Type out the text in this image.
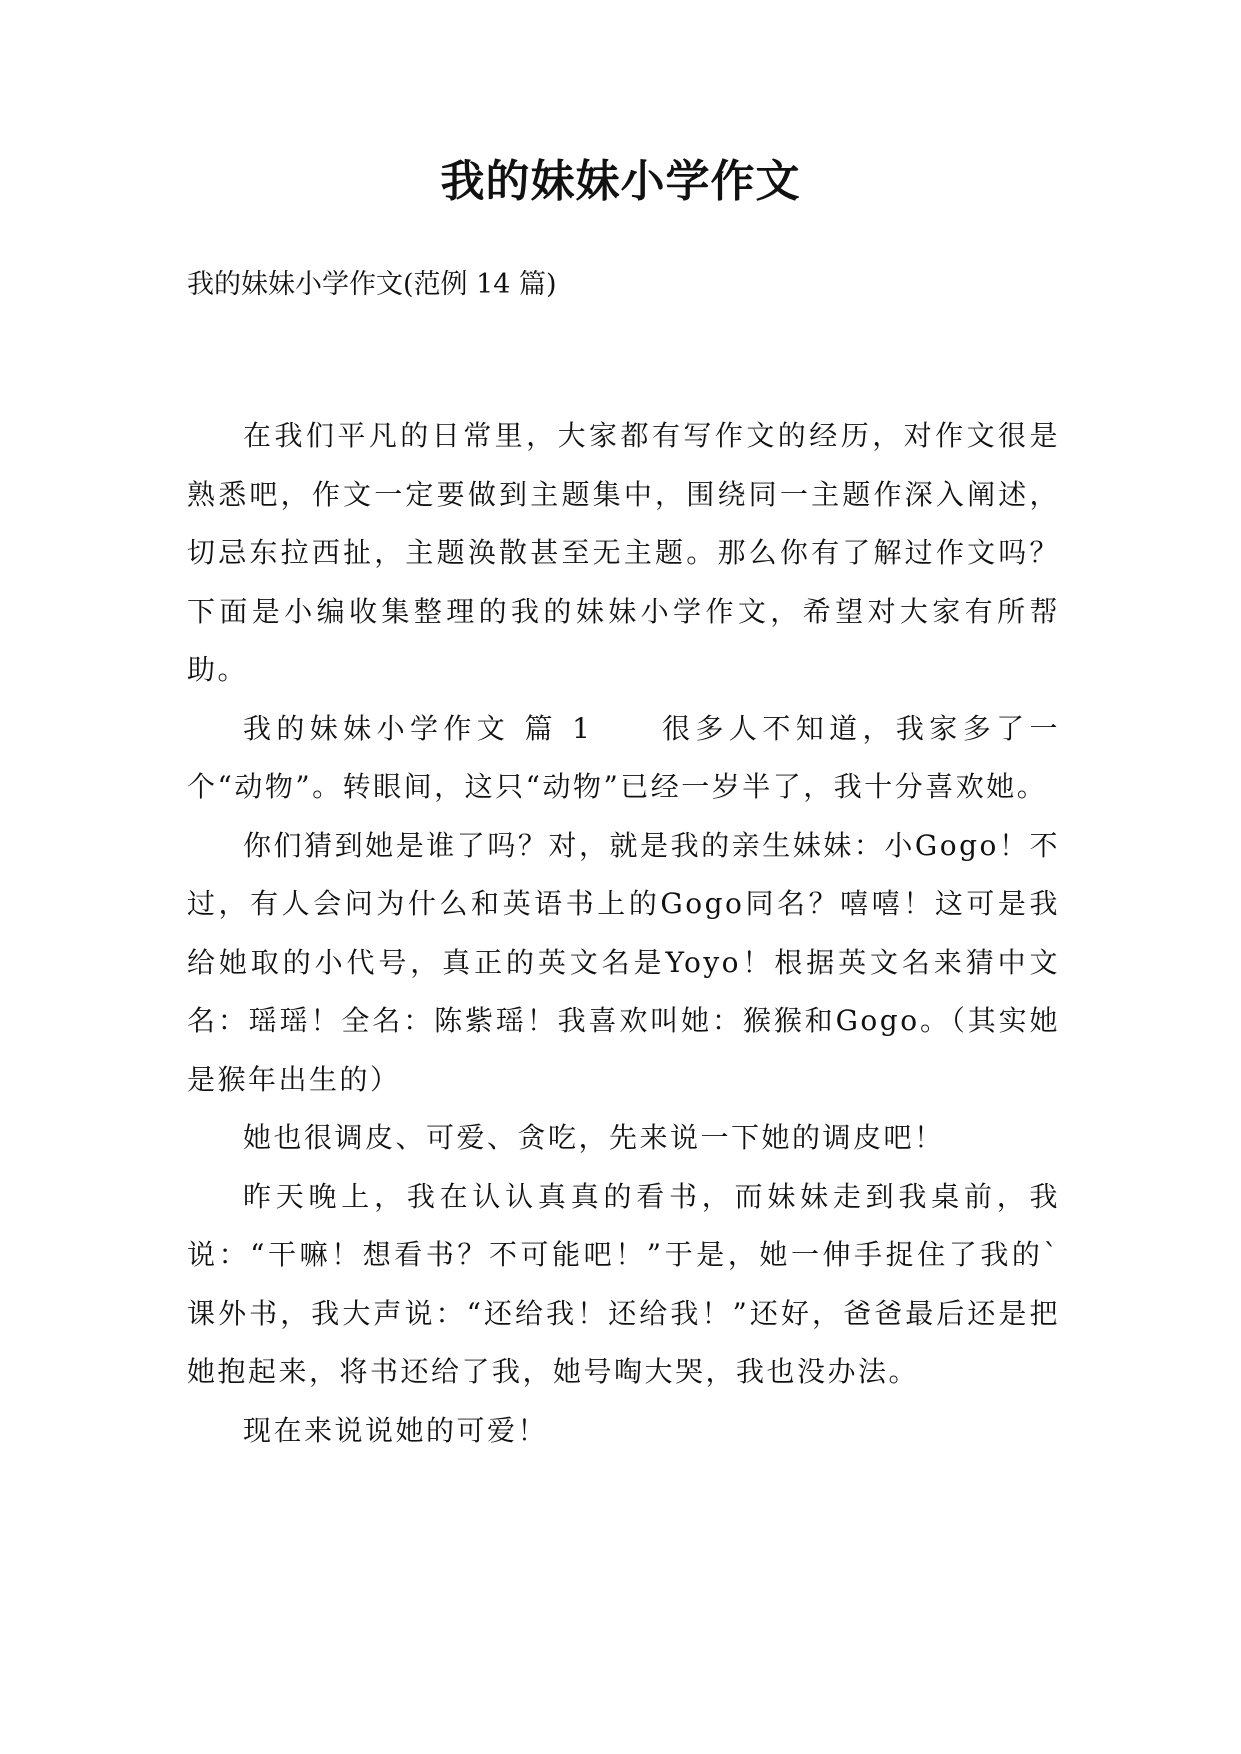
我的妹妹小学作文
我的妹妹小学作文(范例 14 篇)

在我们平凡的日常里，大家都有写作文的经历，对作文很是熟悉吧，作文一定要做到主题集中，围绕同一主题作深入阐述，切忌东拉西扯，主题涣散甚至无主题。那么你有了解过作文吗？下面是小编收集整理的我的妹妹小学作文，希望对大家有所帮助。

我的妹妹小学作文 篇 1　　很多人不知道，我家多了一个“动物”。转眼间，这只“动物”已经一岁半了，我十分喜欢她。

你们猜到她是谁了吗？对，就是我的亲生妹妹：小Gogo！不过，有人会问为什么和英语书上的Gogo同名？嘻嘻！这可是我给她取的小代号，真正的英文名是Yoyo！根据英文名来猜中文名：瑶瑶！全名：陈紫瑶！我喜欢叫她：猴猴和Gogo。（其实她是猴年出生的）

她也很调皮、可爱、贪吃，先来说一下她的调皮吧！

昨天晚上，我在认认真真的看书，而妹妹走到我桌前，我说：“干嘛！想看书？不可能吧！”于是，她一伸手捉住了我的`课外书，我大声说：“还给我！还给我！”还好，爸爸最后还是把她抱起来，将书还给了我，她号啕大哭，我也没办法。

现在来说说她的可爱！
